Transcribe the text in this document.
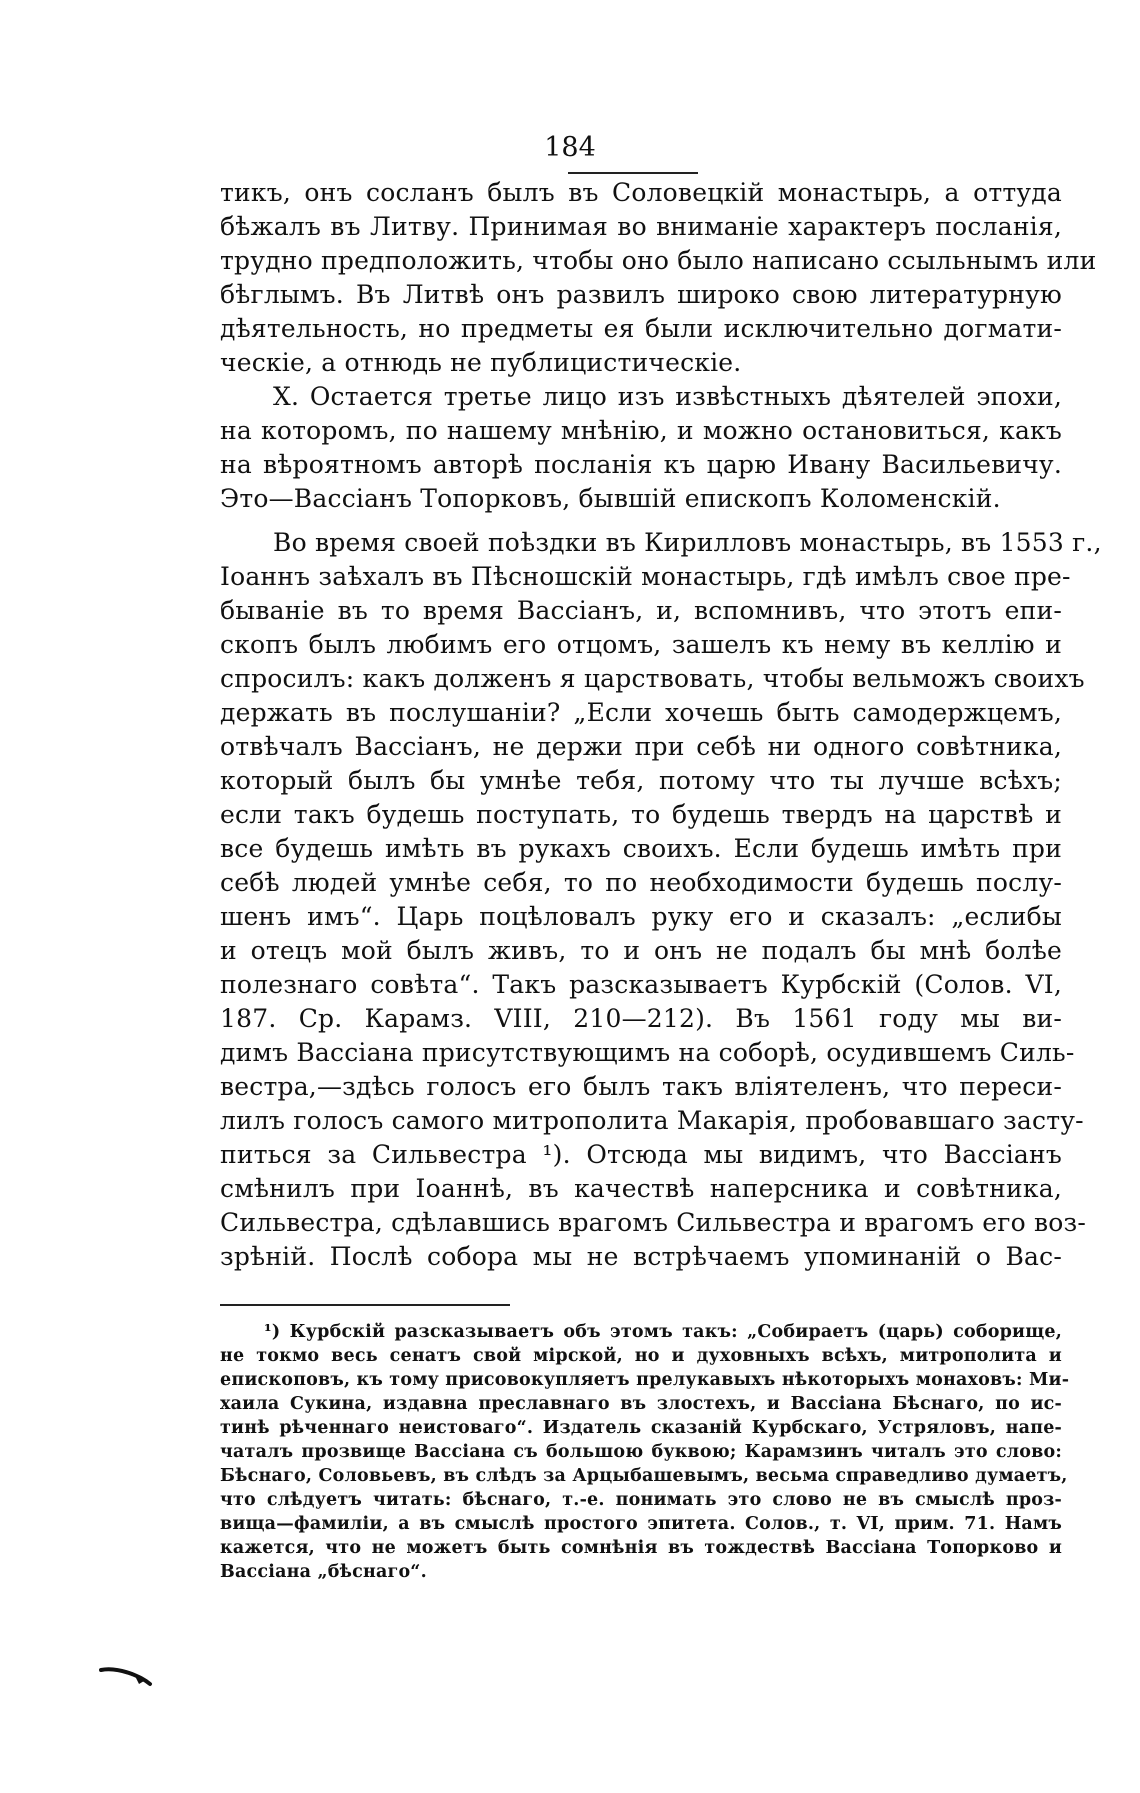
184
тикъ, онъ сосланъ былъ въ Соловецкій монастырь, а оттуда
бѣжалъ въ Литву. Принимая во вниманіе характеръ посланія,
трудно предположить, чтобы оно было написано ссыльнымъ или
бѣглымъ. Въ Литвѣ онъ развилъ широко свою литературную
дѣятельность, но предметы ея были исключительно догмати-
ческіе, а отнюдь не публицистическіе.
X. Остается третье лицо изъ извѣстныхъ дѣятелей эпохи,
на которомъ, по нашему мнѣнію, и можно остановиться, какъ
на вѣроятномъ авторѣ посланія къ царю Ивану Васильевичу.
Это—Вассіанъ Топорковъ, бывшій епископъ Коломенскій.
Во время своей поѣздки въ Кирилловъ монастырь, въ 1553 г.,
Іоаннъ заѣхалъ въ Пѣсношскій монастырь, гдѣ имѣлъ свое пре-
бываніе въ то время Вассіанъ, и, вспомнивъ, что этотъ епи-
скопъ былъ любимъ его отцомъ, зашелъ къ нему въ келлію и
спросилъ: какъ долженъ я царствовать, чтобы вельможъ своихъ
держать въ послушаніи? „Если хочешь быть самодержцемъ,
отвѣчалъ Вассіанъ, не держи при себѣ ни одного совѣтника,
который былъ бы умнѣе тебя, потому что ты лучше всѣхъ;
если такъ будешь поступать, то будешь твердъ на царствѣ и
все будешь имѣть въ рукахъ своихъ. Если будешь имѣть при
себѣ людей умнѣе себя, то по необходимости будешь послу-
шенъ имъ“. Царь поцѣловалъ руку его и сказалъ: „еслибы
и отецъ мой былъ живъ, то и онъ не подалъ бы мнѣ болѣе
полезнаго совѣта“. Такъ разсказываетъ Курбскій (Солов. VI,
187. Ср. Карамз. VIII, 210—212). Въ 1561 году мы ви-
димъ Вассіана присутствующимъ на соборѣ, осудившемъ Силь-
вестра,—здѣсь голосъ его былъ такъ вліятеленъ, что переси-
лилъ голосъ самого митрополита Макарія, пробовавшаго засту-
питься за Сильвестра ¹). Отсюда мы видимъ, что Вассіанъ
смѣнилъ при Іоаннѣ, въ качествѣ наперсника и совѣтника,
Сильвестра, сдѣлавшись врагомъ Сильвестра и врагомъ его воз-
зрѣній. Послѣ собора мы не встрѣчаемъ упоминаній о Вас-
¹) Курбскій разсказываетъ объ этомъ такъ: „Собираетъ (царь) соборище,
не токмо весь сенатъ свой мірской, но и духовныхъ всѣхъ, митрополита и
епископовъ, къ тому присовокупляетъ прелукавыхъ нѣкоторыхъ монаховъ: Ми-
хаила Сукина, издавна преславнаго въ злостехъ, и Вассіана Бѣснаго, по ис-
тинѣ рѣченнаго неистоваго“. Издатель сказаній Курбскаго, Устряловъ, напе-
чаталъ прозвище Вассіана съ большою буквою; Карамзинъ читалъ это слово:
Бѣснаго, Соловьевъ, въ слѣдъ за Арцыбашевымъ, весьма справедливо думаетъ,
что слѣдуетъ читать: бѣснаго, т.-е. понимать это слово не въ смыслѣ проз-
вища—фамиліи, а въ смыслѣ простого эпитета. Солов., т. VI, прим. 71. Намъ
кажется, что не можетъ быть сомнѣнія въ тождествѣ Вассіана Топорково и
Вассіана „бѣснаго“.
